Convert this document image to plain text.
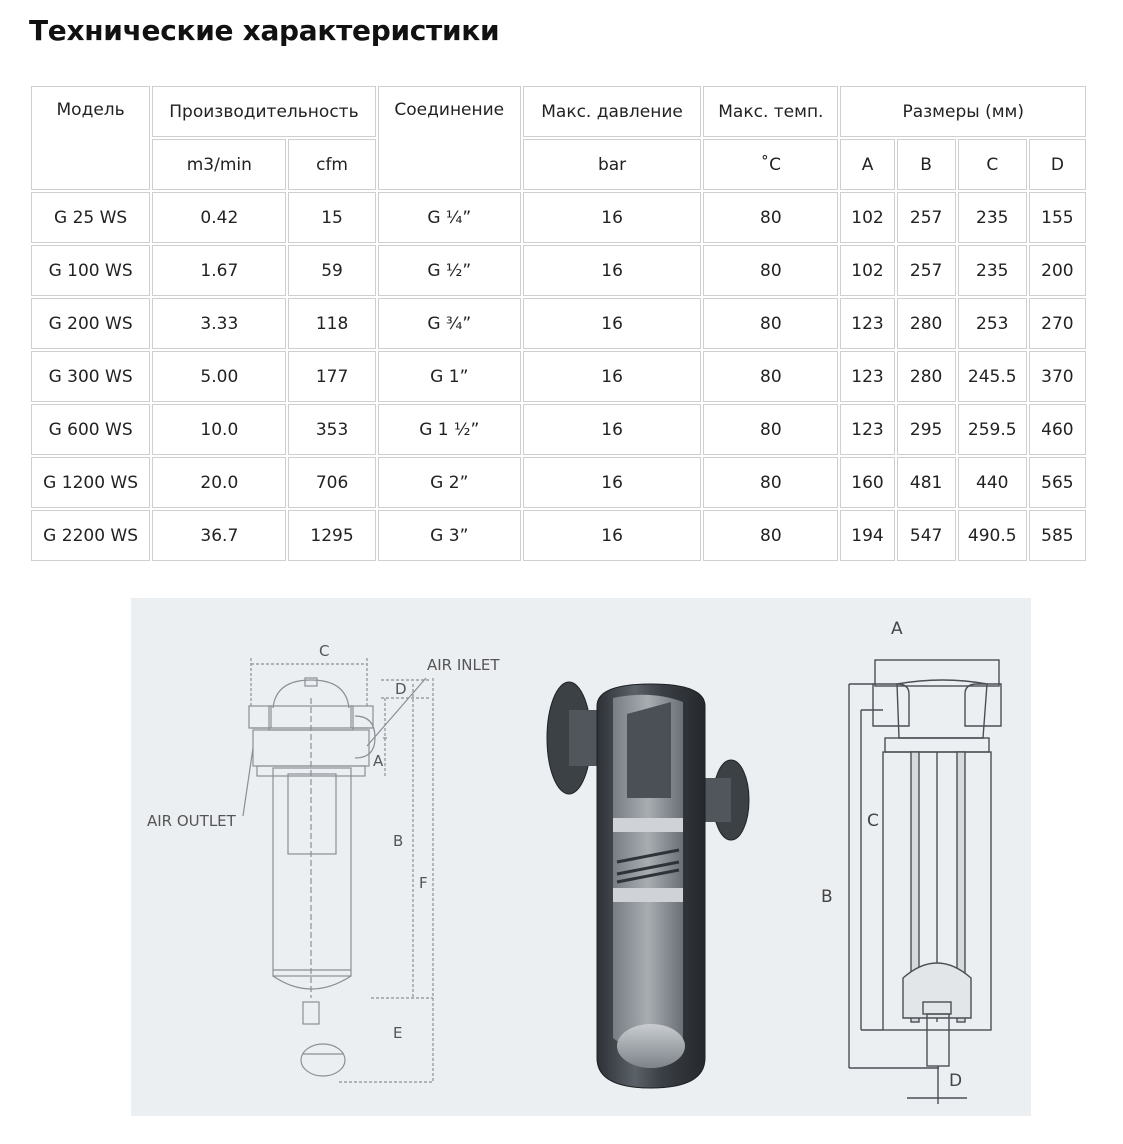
Технические характеристики
Модель	Производительность		Соединение	Макс. давление	Макс. темп.	Размеры (мм)			
	m3/min	cfm		bar	˚C	A	B	C	D
G 25 WS	0.42	15	G ¼”	16	80	102	257	235	155
G 100 WS	1.67	59	G ½”	16	80	102	257	235	200
G 200 WS	3.33	118	G ¾”	16	80	123	280	253	270
G 300 WS	5.00	177	G 1”	16	80	123	280	245.5	370
G 600 WS	10.0	353	G 1 ½”	16	80	123	295	259.5	460
G 1200 WS	20.0	706	G 2”	16	80	160	481	440	565
G 2200 WS	36.7	1295	G 3”	16	80	194	547	490.5	585
C
D
A
B
F
E
AIR INLET
AIR OUTLET
A
B
C
D
